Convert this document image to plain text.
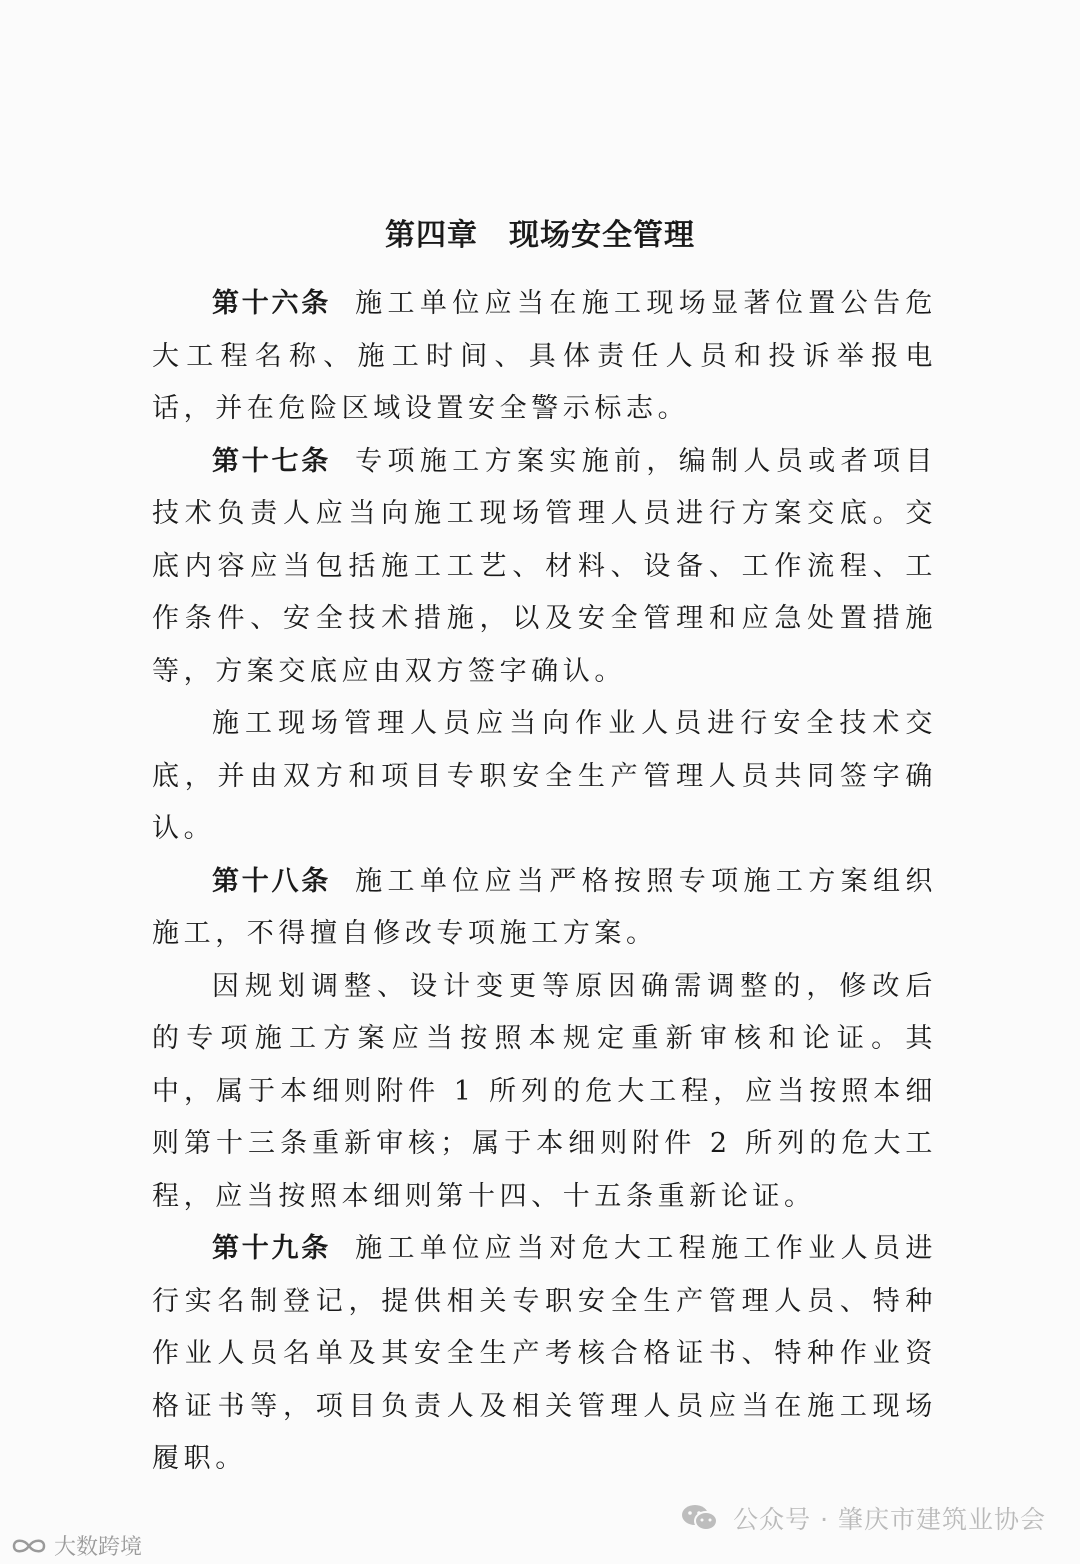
第四章　现场安全管理

第十六条 施工单位应当在施工现场显著位置公告危大工程名称、施工时间、具体责任人员和投诉举报电话，并在危险区域设置安全警示标志。

第十七条 专项施工方案实施前，编制人员或者项目技术负责人应当向施工现场管理人员进行方案交底。交底内容应当包括施工工艺、材料、设备、工作流程、工作条件、安全技术措施，以及安全管理和应急处置措施等，方案交底应由双方签字确认。

施工现场管理人员应当向作业人员进行安全技术交底，并由双方和项目专职安全生产管理人员共同签字确认。

第十八条 施工单位应当严格按照专项施工方案组织施工，不得擅自修改专项施工方案。

因规划调整、设计变更等原因确需调整的，修改后的专项施工方案应当按照本规定重新审核和论证。其中，属于本细则附件 1 所列的危大工程，应当按照本细则第十三条重新审核；属于本细则附件 2 所列的危大工程，应当按照本细则第十四、十五条重新论证。

第十九条 施工单位应当对危大工程施工作业人员进行实名制登记，提供相关专职安全生产管理人员、特种作业人员名单及其安全生产考核合格证书、特种作业资格证书等，项目负责人及相关管理人员应当在施工现场履职。

公众号 · 肇庆市建筑业协会
大数跨境
